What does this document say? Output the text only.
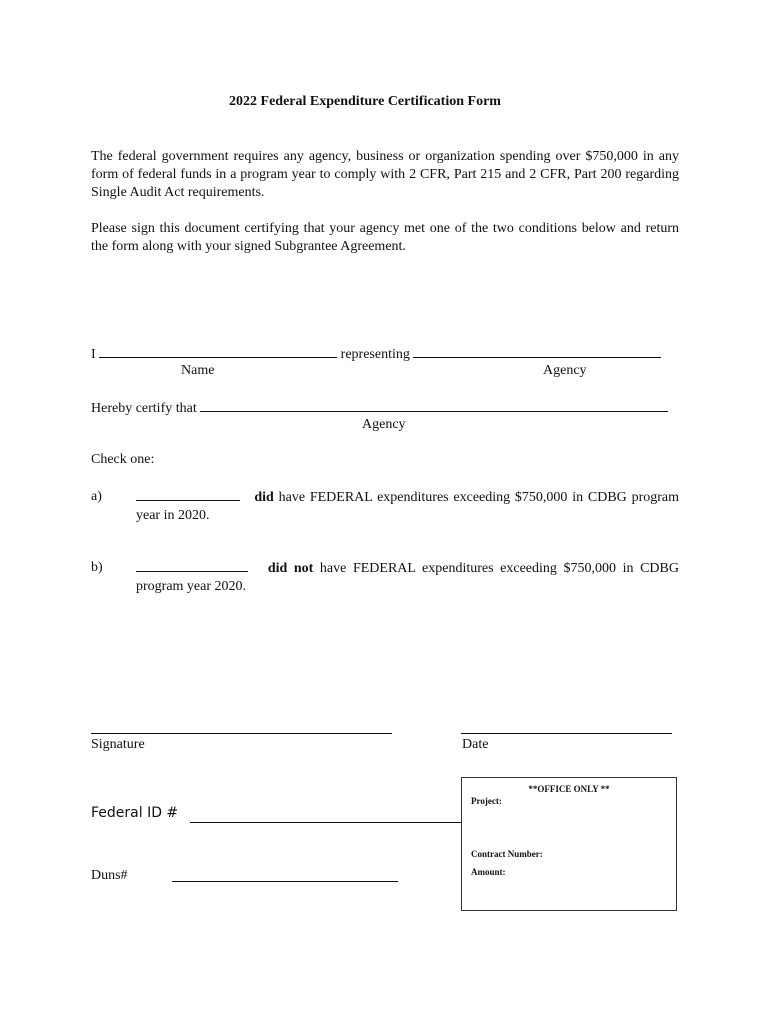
2022 Federal Expenditure Certification Form
The federal government requires any agency, business or organization spending over $750,000 in any form of federal funds in a program year to comply with 2 CFR, Part 215 and 2 CFR, Part 200 regarding Single Audit Act requirements.
Please sign this document certifying that your agency met one of the two conditions below and return the form along with your signed Subgrantee Agreement.
I	representing
Name	Agency
Hereby certify that
Agency
Check one:
a)	did have FEDERAL expenditures exceeding $750,000 in CDBG program year in 2020.
b)	did not have FEDERAL expenditures exceeding $750,000 in CDBG program year 2020.
Signature	Date
Federal ID #
Duns#
**OFFICE ONLY **
Project:
Contract Number:
Amount:
